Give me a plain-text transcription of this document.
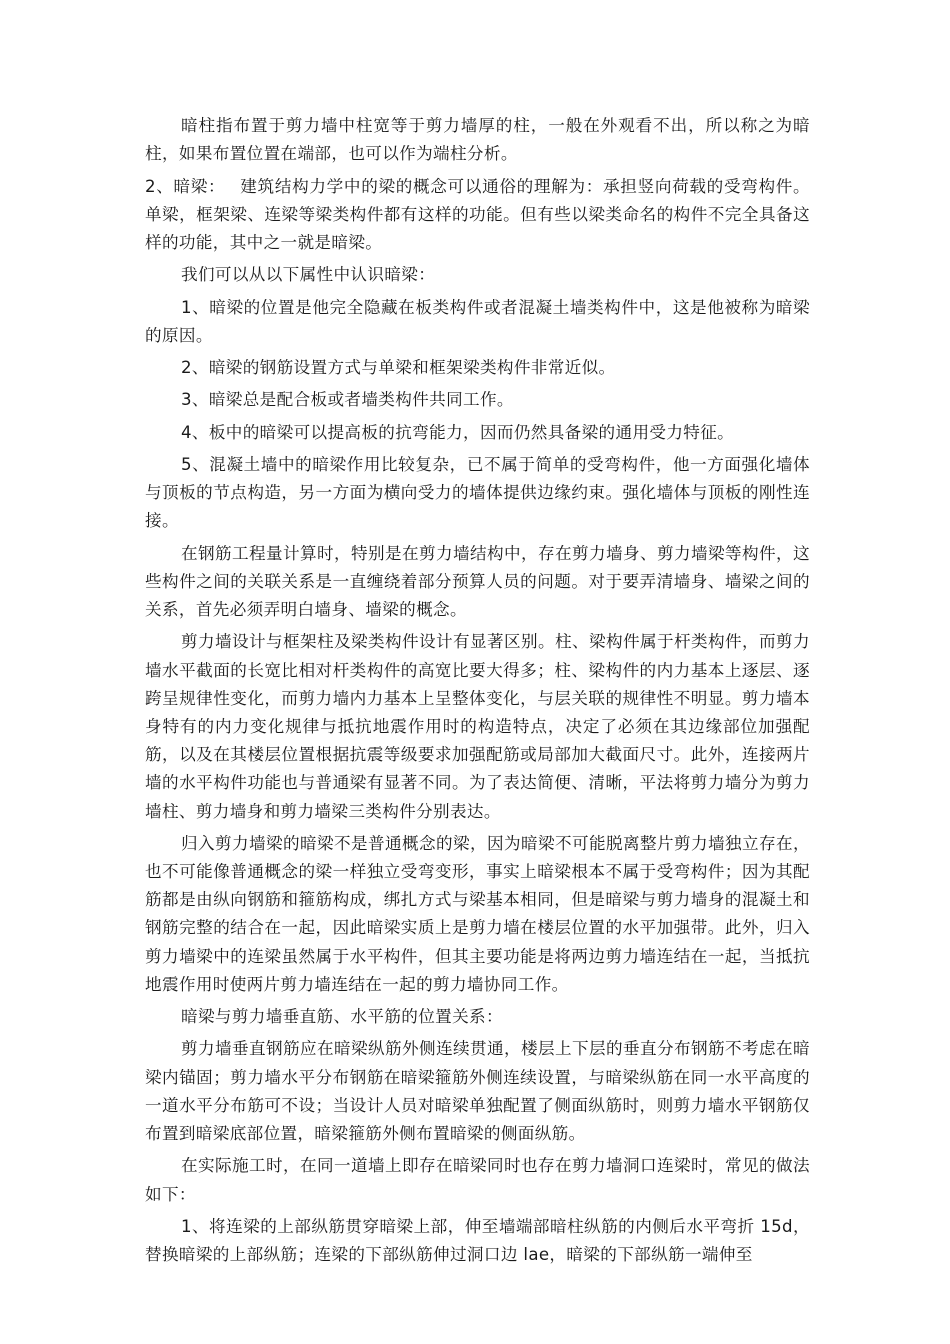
暗柱指布置于剪力墙中柱宽等于剪力墙厚的柱，一般在外观看不出，所以称之为暗柱，如果布置位置在端部，也可以作为端柱分析。

2、暗梁：　 建筑结构力学中的梁的概念可以通俗的理解为：承担竖向荷载的受弯构件。单梁，框架梁、连梁等梁类构件都有这样的功能。但有些以梁类命名的构件不完全具备这样的功能，其中之一就是暗梁。

我们可以从以下属性中认识暗梁：

1、暗梁的位置是他完全隐藏在板类构件或者混凝土墙类构件中，这是他被称为暗梁的原因。

2、暗梁的钢筋设置方式与单梁和框架梁类构件非常近似。

3、暗梁总是配合板或者墙类构件共同工作。

4、板中的暗梁可以提高板的抗弯能力，因而仍然具备梁的通用受力特征。

5、混凝土墙中的暗梁作用比较复杂，已不属于简单的受弯构件，他一方面强化墙体与顶板的节点构造，另一方面为横向受力的墙体提供边缘约束。强化墙体与顶板的刚性连接。

在钢筋工程量计算时，特别是在剪力墙结构中，存在剪力墙身、剪力墙梁等构件，这些构件之间的关联关系是一直缠绕着部分预算人员的问题。对于要弄清墙身、墙梁之间的关系，首先必须弄明白墙身、墙梁的概念。

剪力墙设计与框架柱及梁类构件设计有显著区别。柱、梁构件属于杆类构件，而剪力墙水平截面的长宽比相对杆类构件的高宽比要大得多；柱、梁构件的内力基本上逐层、逐跨呈规律性变化，而剪力墙内力基本上呈整体变化，与层关联的规律性不明显。剪力墙本身特有的内力变化规律与抵抗地震作用时的构造特点，决定了必须在其边缘部位加强配筋，以及在其楼层位置根据抗震等级要求加强配筋或局部加大截面尺寸。此外，连接两片墙的水平构件功能也与普通梁有显著不同。为了表达简便、清晰，平法将剪力墙分为剪力墙柱、剪力墙身和剪力墙梁三类构件分别表达。

归入剪力墙梁的暗梁不是普通概念的梁，因为暗梁不可能脱离整片剪力墙独立存在，也不可能像普通概念的梁一样独立受弯变形，事实上暗梁根本不属于受弯构件；因为其配筋都是由纵向钢筋和箍筋构成，绑扎方式与梁基本相同，但是暗梁与剪力墙身的混凝土和钢筋完整的结合在一起，因此暗梁实质上是剪力墙在楼层位置的水平加强带。此外，归入剪力墙梁中的连梁虽然属于水平构件，但其主要功能是将两边剪力墙连结在一起，当抵抗地震作用时使两片剪力墙连结在一起的剪力墙协同工作。

暗梁与剪力墙垂直筋、水平筋的位置关系：

剪力墙垂直钢筋应在暗梁纵筋外侧连续贯通，楼层上下层的垂直分布钢筋不考虑在暗梁内锚固；剪力墙水平分布钢筋在暗梁箍筋外侧连续设置，与暗梁纵筋在同一水平高度的一道水平分布筋可不设；当设计人员对暗梁单独配置了侧面纵筋时，则剪力墙水平钢筋仅布置到暗梁底部位置，暗梁箍筋外侧布置暗梁的侧面纵筋。

在实际施工时，在同一道墙上即存在暗梁同时也存在剪力墙洞口连梁时，常见的做法如下：

1、将连梁的上部纵筋贯穿暗梁上部，伸至墙端部暗柱纵筋的内侧后水平弯折 15d，替换暗梁的上部纵筋；连梁的下部纵筋伸过洞口边 lae，暗梁的下部纵筋一端伸至
